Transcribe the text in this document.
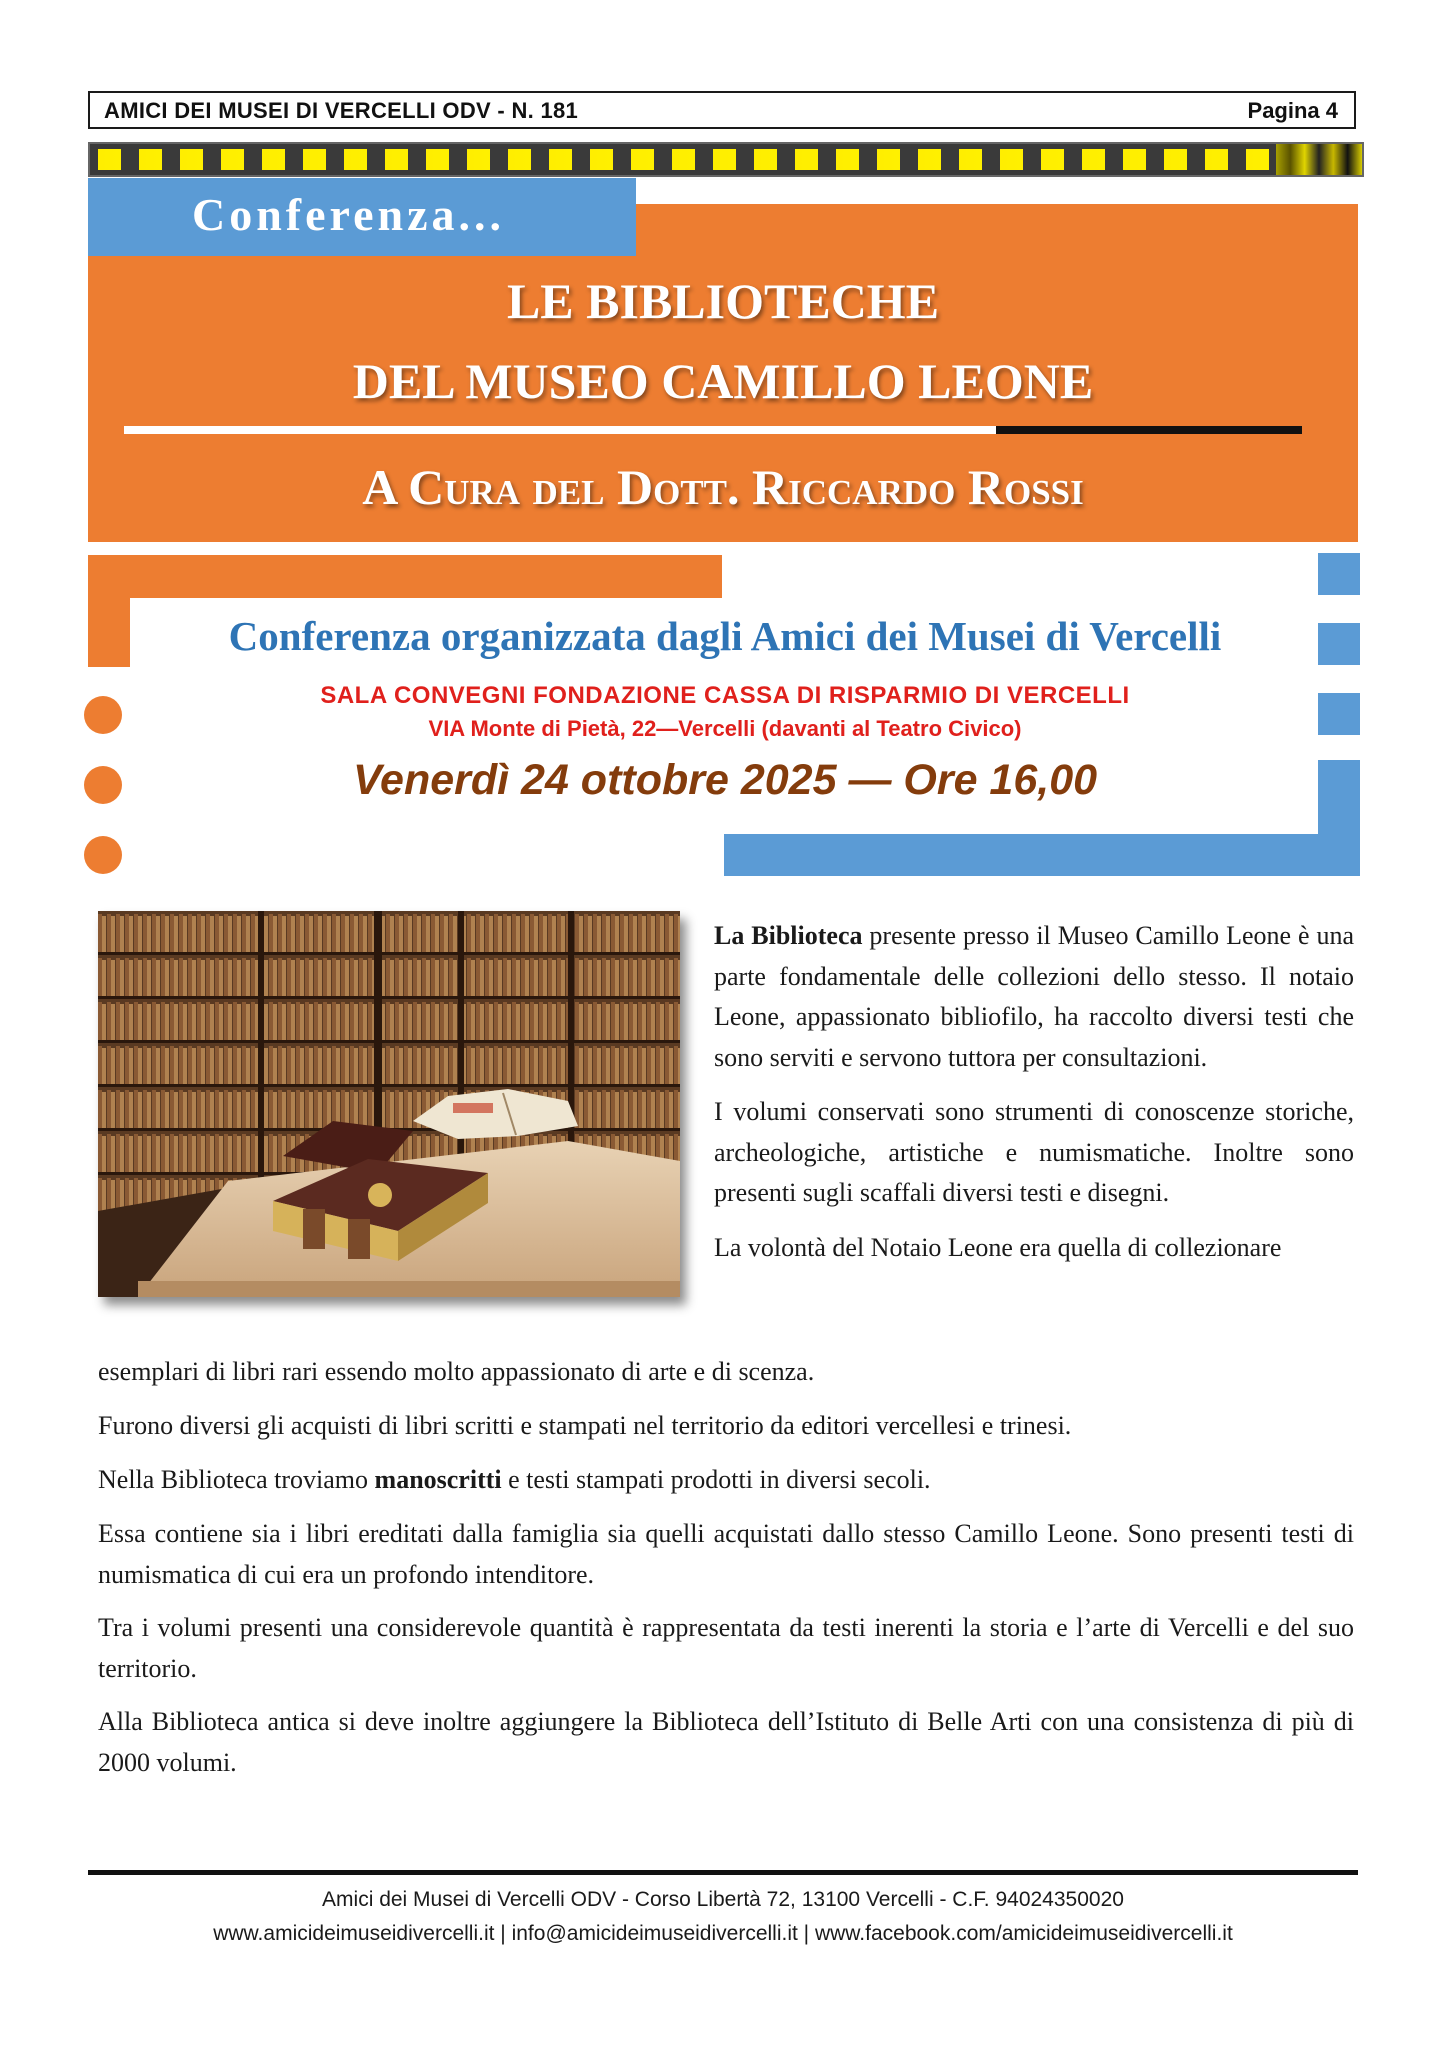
AMICI DEI MUSEI DI VERCELLI ODV - N. 181	Pagina 4
Conferenza...
LE BIBLIOTECHE
DEL MUSEO CAMILLO LEONE
A Cura del Dott. Riccardo Rossi
Conferenza organizzata dagli Amici dei Musei di Vercelli
SALA CONVEGNI FONDAZIONE CASSA DI RISPARMIO DI VERCELLI
VIA Monte di Pietà, 22—Vercelli (davanti al Teatro Civico)
Venerdì 24 ottobre 2025 — Ore 16,00

La Biblioteca presente presso il Museo Camillo Leone è una parte fondamentale delle collezioni dello stesso. Il notaio Leone, appassionato bibliofilo, ha raccolto diversi testi che sono serviti e servono tuttora per consultazioni.

I volumi conservati sono strumenti di conoscenze storiche, archeologiche, artistiche e numismatiche. Inoltre sono presenti sugli scaffali diversi testi e disegni.

La volontà del Notaio Leone era quella di collezionare

esemplari di libri rari essendo molto appassionato di arte e di scenza.
Furono diversi gli acquisti di libri scritti e stampati nel territorio da editori vercellesi e trinesi.
Nella Biblioteca troviamo manoscritti e testi stampati prodotti in diversi secoli.
Essa contiene sia i libri ereditati dalla famiglia sia quelli acquistati dallo stesso Camillo Leone. Sono presenti testi di numismatica di cui era un profondo intenditore.
Tra i volumi presenti una considerevole quantità è rappresentata da testi inerenti la storia e l’arte di Vercelli e del suo territorio.
Alla Biblioteca antica si deve inoltre aggiungere la Biblioteca dell’Istituto di Belle Arti con una consistenza di più di 2000 volumi.
Amici dei Musei di Vercelli ODV - Corso Libertà 72, 13100 Vercelli - C.F. 94024350020
www.amicideimuseidivercelli.it | info@amicideimuseidivercelli.it | www.facebook.com/amicideimuseidivercelli.it
